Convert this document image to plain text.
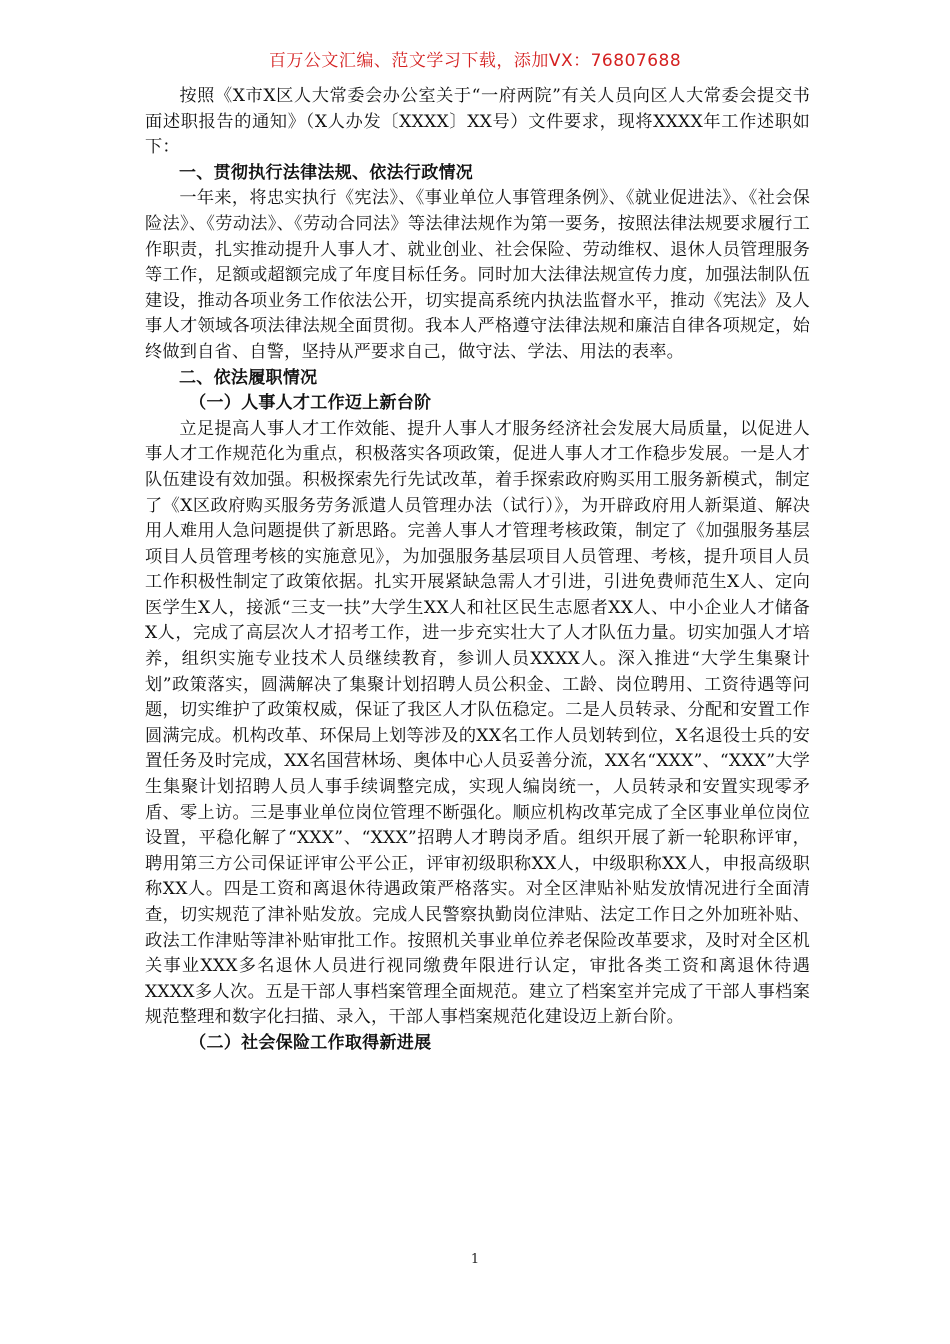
百万公文汇编、范文学习下载，添加VX：76807688

按照《X市X区人大常委会办公室关于“一府两院”有关人员向区人大常委会提交书面述职报告的通知》（X人办发〔XXXX〕XX号）文件要求，现将XXXX年工作述职如下：

一、贯彻执行法律法规、依法行政情况

一年来，将忠实执行《宪法》、《事业单位人事管理条例》、《就业促进法》、《社会保险法》、《劳动法》、《劳动合同法》等法律法规作为第一要务，按照法律法规要求履行工作职责，扎实推动提升人事人才、就业创业、社会保险、劳动维权、退休人员管理服务等工作，足额或超额完成了年度目标任务。同时加大法律法规宣传力度，加强法制队伍建设，推动各项业务工作依法公开，切实提高系统内执法监督水平，推动《宪法》及人事人才领域各项法律法规全面贯彻。我本人严格遵守法律法规和廉洁自律各项规定，始终做到自省、自警，坚持从严要求自己，做守法、学法、用法的表率。

二、依法履职情况

（一）人事人才工作迈上新台阶

立足提高人事人才工作效能、提升人事人才服务经济社会发展大局质量，以促进人事人才工作规范化为重点，积极落实各项政策，促进人事人才工作稳步发展。一是人才队伍建设有效加强。积极探索先行先试改革，着手探索政府购买用工服务新模式，制定了《X区政府购买服务劳务派遣人员管理办法（试行）》，为开辟政府用人新渠道、解决用人难用人急问题提供了新思路。完善人事人才管理考核政策，制定了《加强服务基层项目人员管理考核的实施意见》，为加强服务基层项目人员管理、考核，提升项目人员工作积极性制定了政策依据。扎实开展紧缺急需人才引进，引进免费师范生X人、定向医学生X人，接派“三支一扶”大学生XX人和社区民生志愿者XX人、中小企业人才储备X人，完成了高层次人才招考工作，进一步充实壮大了人才队伍力量。切实加强人才培养，组织实施专业技术人员继续教育，参训人员XXXX人。深入推进“大学生集聚计划”政策落实，圆满解决了集聚计划招聘人员公积金、工龄、岗位聘用、工资待遇等问题，切实维护了政策权威，保证了我区人才队伍稳定。二是人员转录、分配和安置工作圆满完成。机构改革、环保局上划等涉及的XX名工作人员划转到位，X名退役士兵的安置任务及时完成，XX名国营林场、奥体中心人员妥善分流，XX名“XXX”、“XXX”大学生集聚计划招聘人员人事手续调整完成，实现人编岗统一，人员转录和安置实现零矛盾、零上访。三是事业单位岗位管理不断强化。顺应机构改革完成了全区事业单位岗位设置，平稳化解了“XXX”、“XXX”招聘人才聘岗矛盾。组织开展了新一轮职称评审，聘用第三方公司保证评审公平公正，评审初级职称XX人，中级职称XX人，申报高级职称XX人。四是工资和离退休待遇政策严格落实。对全区津贴补贴发放情况进行全面清查，切实规范了津补贴发放。完成人民警察执勤岗位津贴、法定工作日之外加班补贴、政法工作津贴等津补贴审批工作。按照机关事业单位养老保险改革要求，及时对全区机关事业XXX多名退休人员进行视同缴费年限进行认定，审批各类工资和离退休待遇XXXX多人次。五是干部人事档案管理全面规范。建立了档案室并完成了干部人事档案规范整理和数字化扫描、录入，干部人事档案规范化建设迈上新台阶。

（二）社会保险工作取得新进展

1
